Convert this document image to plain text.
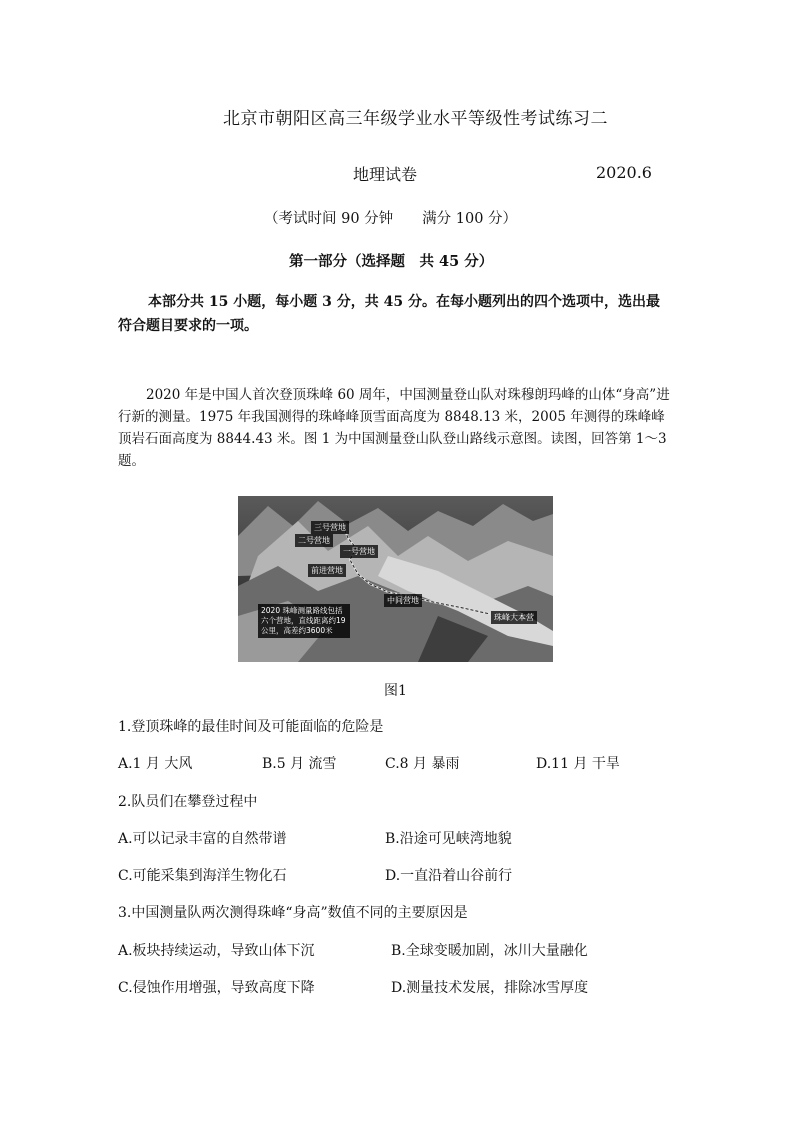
北京市朝阳区高三年级学业水平等级性考试练习二
地理试卷	2020.6
（考试时间 90 分钟　　满分 100 分）
第一部分（选择题　共 45 分）
本部分共 15 小题，每小题 3 分，共 45 分。在每小题列出的四个选项中，选出最符合题目要求的一项。
2020 年是中国人首次登顶珠峰 60 周年，中国测量登山队对珠穆朗玛峰的山体“身高”进行新的测量。1975 年我国测得的珠峰峰顶雪面高度为 8848.13 米，2005 年测得的珠峰峰顶岩石面高度为 8844.43 米。图 1 为中国测量登山队登山路线示意图。读图，回答第 1～3 题。
三号营地
二号营地
一号营地
前进营地
中间营地
珠峰大本营
2020 珠峰测量路线包括六个营地，直线距离约19公里，高差约3600米
图1
1.登顶珠峰的最佳时间及可能面临的危险是
A.1 月 大风	B.5 月 流雪	C.8 月 暴雨	D.11 月 干旱
2.队员们在攀登过程中
A.可以记录丰富的自然带谱	B.沿途可见峡湾地貌
C.可能采集到海洋生物化石	D.一直沿着山谷前行
3.中国测量队两次测得珠峰“身高”数值不同的主要原因是
A.板块持续运动，导致山体下沉	B.全球变暖加剧，冰川大量融化
C.侵蚀作用增强，导致高度下降	D.测量技术发展，排除冰雪厚度
